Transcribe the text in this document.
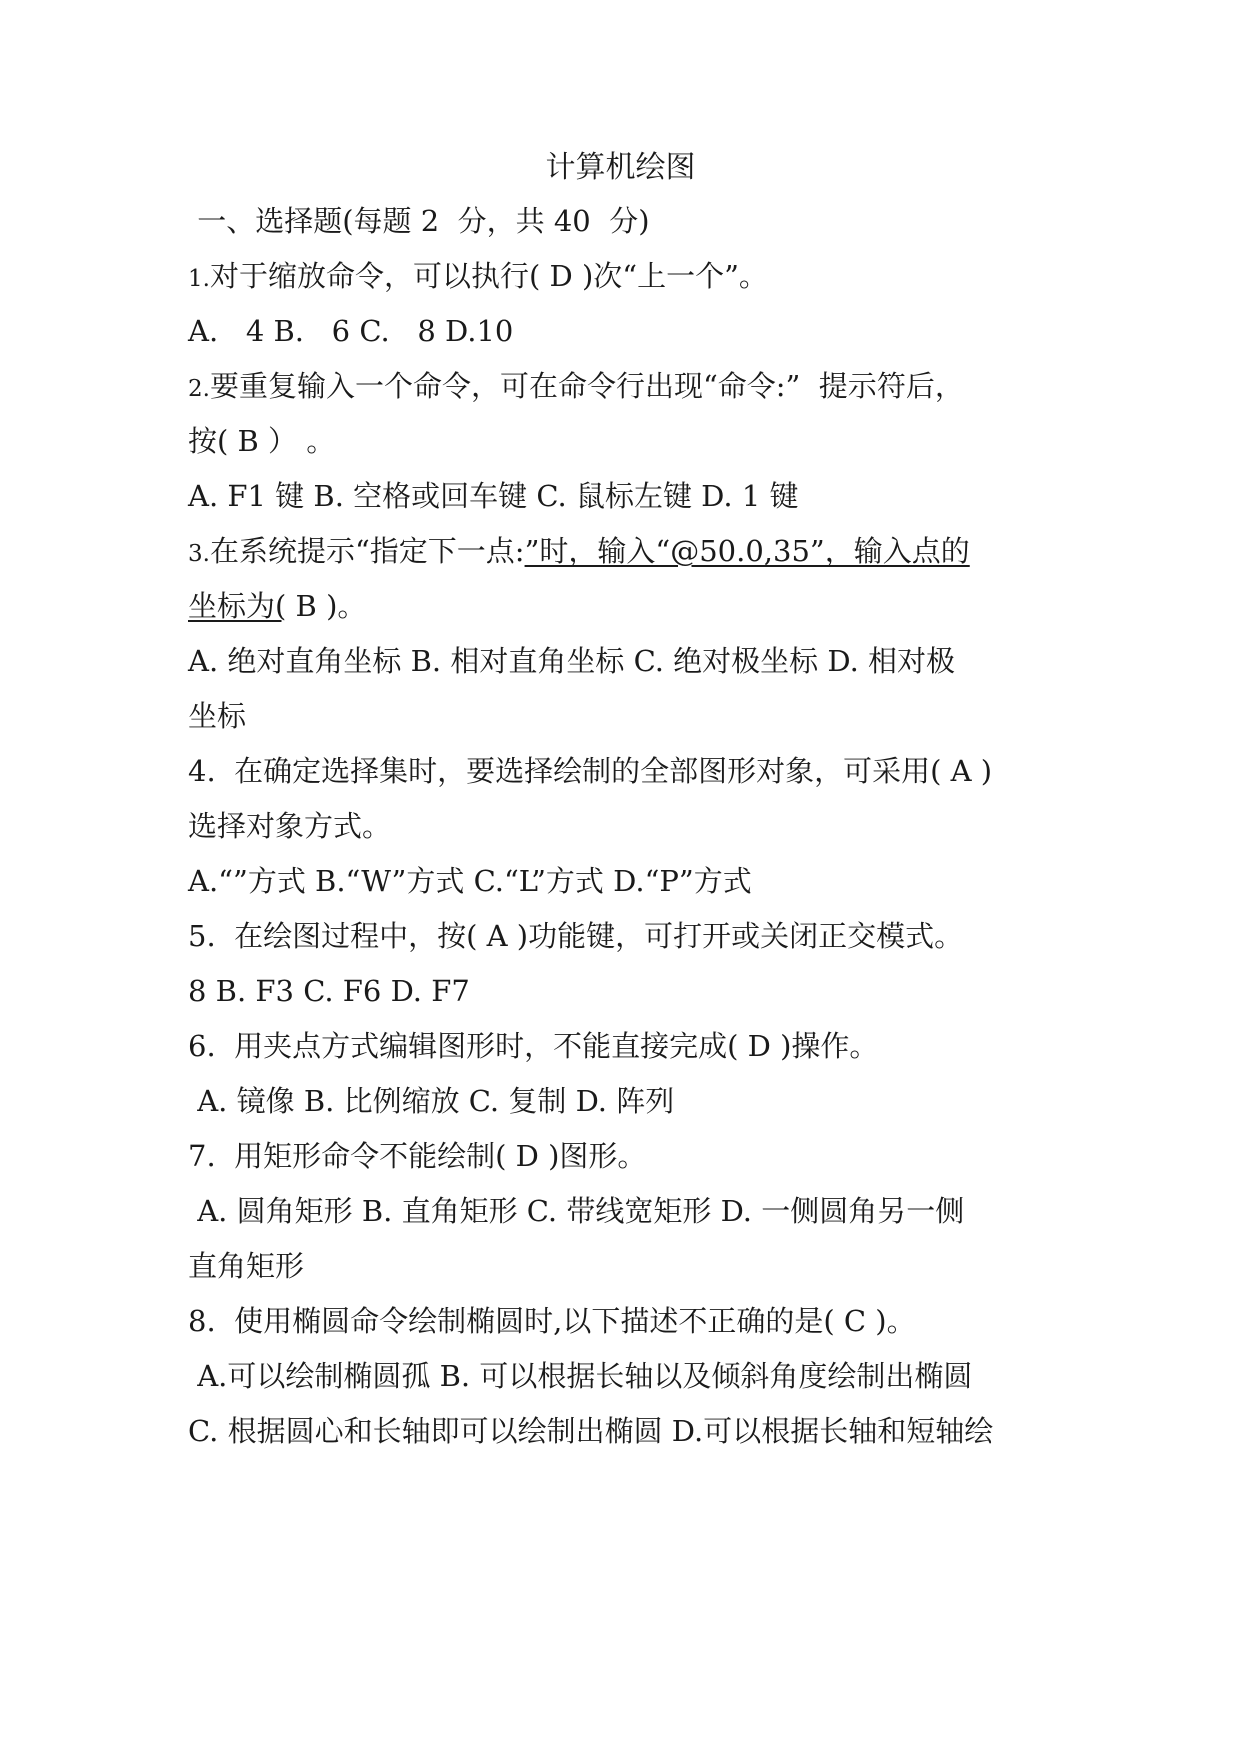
计算机绘图
一、选择题(每题 2  分，共 40  分)
1.对于缩放命令，可以执行( D )次“上一个”。
A.   4 B.   6 C.   8 D.10
2.要重复输入一个命令，可在命令行出现“命令:”  提示符后，
按( B ） 。
A. F1 键 B. 空格或回车键 C. 鼠标左键 D. 1 键
3.在系统提示“指定下一点:”时，输入“@50.0,35”，输入点的
坐标为( B )。
A. 绝对直角坐标 B. 相对直角坐标 C. 绝对极坐标 D. 相对极
坐标
4.  在确定选择集时，要选择绘制的全部图形对象，可采用( A )
选择对象方式。
A.“”方式 B.“W”方式 C.“L”方式 D.“P”方式
5.  在绘图过程中，按( A )功能键，可打开或关闭正交模式。
8 B. F3 C. F6 D. F7
6.  用夹点方式编辑图形时，不能直接完成( D )操作。
A. 镜像 B. 比例缩放 C. 复制 D. 阵列
7.  用矩形命令不能绘制( D )图形。
A. 圆角矩形 B. 直角矩形 C. 带线宽矩形 D. 一侧圆角另一侧
直角矩形
8.  使用椭圆命令绘制椭圆时,以下描述不正确的是( C )。
A.可以绘制椭圆孤 B. 可以根据长轴以及倾斜角度绘制出椭圆
C. 根据圆心和长轴即可以绘制出椭圆 D.可以根据长轴和短轴绘
